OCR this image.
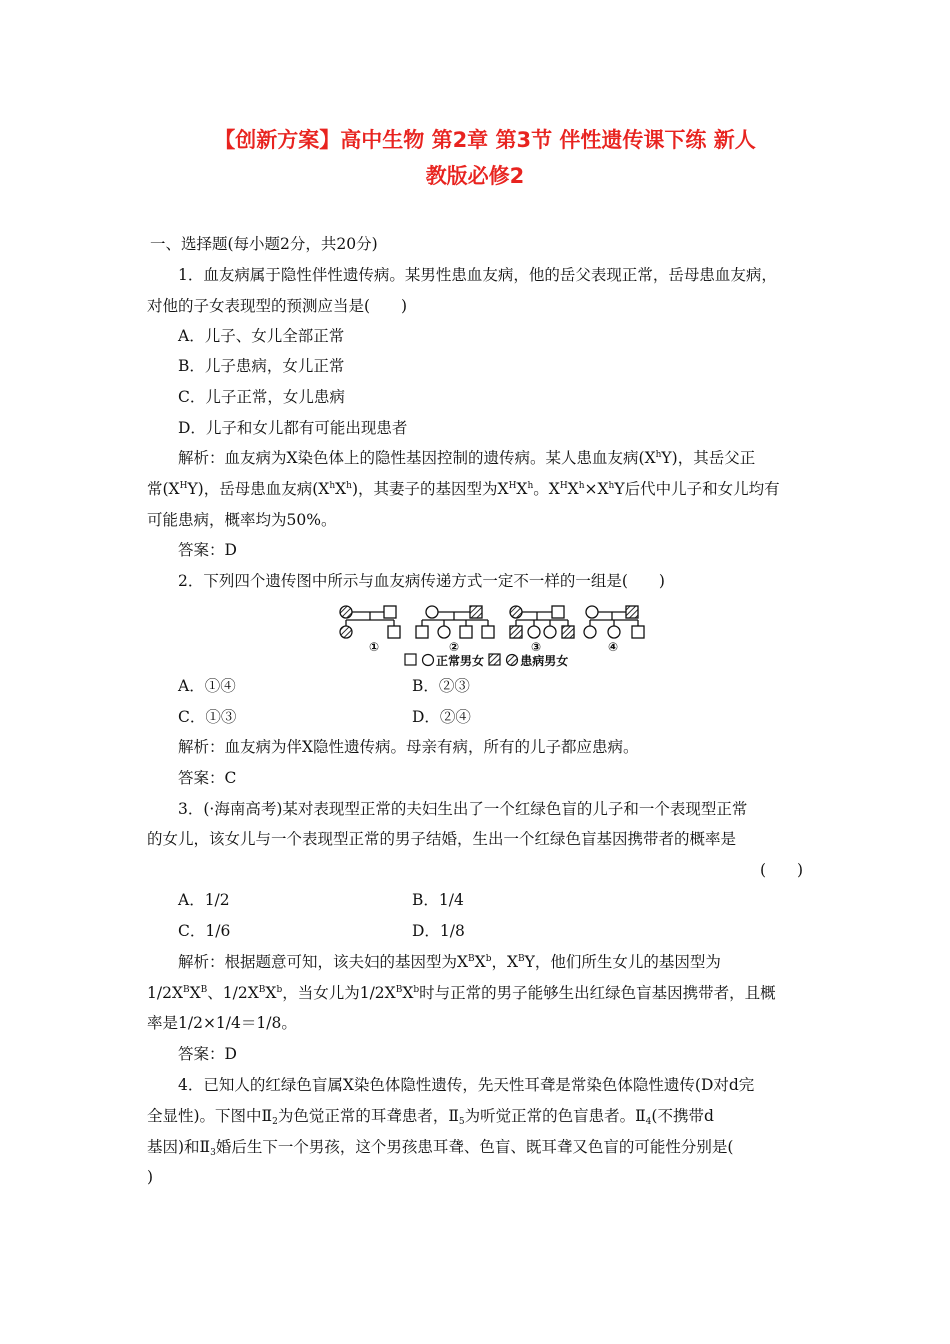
【创新方案】高中生物 第2章 第3节 伴性遗传课下练 新人
教版必修2
一、选择题(每小题2分，共20分)
1．血友病属于隐性伴性遗传病。某男性患血友病，他的岳父表现正常，岳母患血友病，
对他的子女表现型的预测应当是(　　)
A．儿子、女儿全部正常
B．儿子患病，女儿正常
C．儿子正常，女儿患病
D．儿子和女儿都有可能出现患者
解析：血友病为X染色体上的隐性基因控制的遗传病。某人患血友病$(X^hY)$，其岳父正
常$(X^HY)$，岳母患血友病$(X^hX^h)$，其妻子的基因型为$X^HX^h$。$X^HX^h\times X^hY$后代中儿子和女儿均有
可能患病，概率均为50%。
答案：D
2．下列四个遗传图中所示与血友病传递方式一定不一样的一组是(　　)
①	②	③	④
正常男女	患病男女
A．①④	B．②③
C．①③	D．②④
解析：血友病为伴X隐性遗传病。母亲有病，所有的儿子都应患病。
答案：C
3．(·海南高考)某对表现型正常的夫妇生出了一个红绿色盲的儿子和一个表现型正常
的女儿，该女儿与一个表现型正常的男子结婚，生出一个红绿色盲基因携带者的概率是
(　　)
A．1/2	B．1/4
C．1/6	D．1/8
解析：根据题意可知，该夫妇的基因型为$X^BX^b$，$X^BY$，他们所生女儿的基因型为
$1/2X^BX^B$、$1/2X^BX^b$，当女儿为$1/2X^BX^b$时与正常的男子能够生出红绿色盲基因携带者，且概
率是1/2×1/4＝1/8。
答案：D
4．已知人的红绿色盲属X染色体隐性遗传，先天性耳聋是常染色体隐性遗传(D对d完
全显性)。下图中$Ⅱ_2$为色觉正常的耳聋患者，$Ⅱ_5$为听觉正常的色盲患者。$Ⅱ_4$(不携带d
基因)和$Ⅱ_3$婚后生下一个男孩，这个男孩患耳聋、色盲、既耳聋又色盲的可能性分别是(
)
